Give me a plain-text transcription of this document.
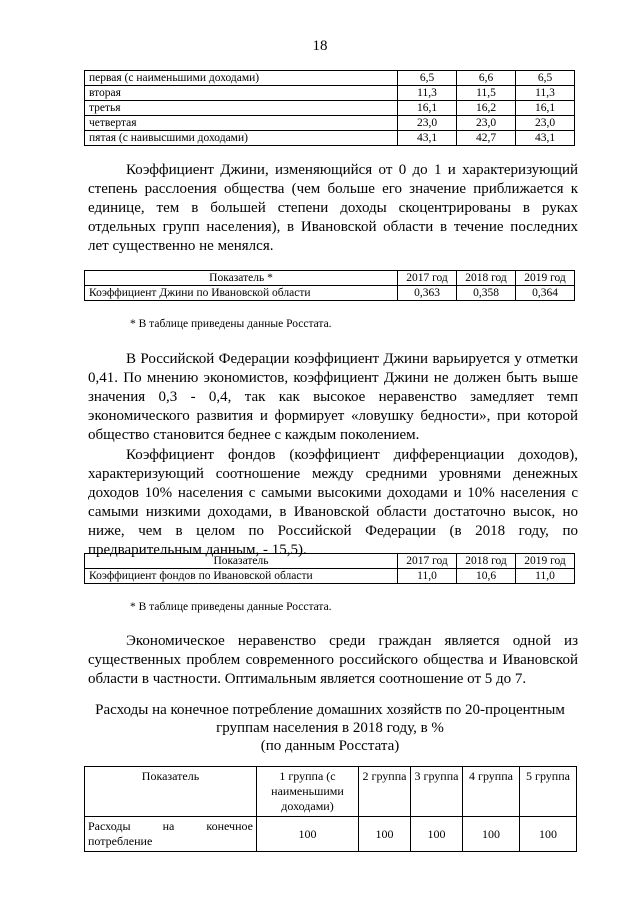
18
первая (с наименьшими доходами)	6,5	6,6	6,5
вторая	11,3	11,5	11,3
третья	16,1	16,2	16,1
четвертая	23,0	23,0	23,0
пятая (с наивысшими доходами)	43,1	42,7	43,1

Коэффициент Джини, изменяющийся от 0 до 1 и характеризующий степень расслоения общества (чем больше его значение приближается к единице, тем в большей степени доходы скоцентрированы в руках отдельных групп населения), в Ивановской области в течение последних лет существенно не менялся.

Показатель *	2017 год	2018 год	2019 год
Коэффициент Джини по Ивановской области	0,363	0,358	0,364
* В таблице приведены данные Росстата.

В Российской Федерации коэффициент Джини варьируется у отметки 0,41. По мнению экономистов, коэффициент Джини не должен быть выше значения 0,3 - 0,4, так как высокое неравенство замедляет темп экономического развития и формирует «ловушку бедности», при которой общество становится беднее с каждым поколением.

Коэффициент фондов (коэффициент дифференциации доходов), характеризующий соотношение между средними уровнями денежных доходов 10% населения с самыми высокими доходами и 10% населения с самыми низкими доходами, в Ивановской области достаточно высок, но ниже, чем в целом по Российской Федерации (в 2018 году, по предварительным данным, - 15,5).

Показатель	2017 год	2018 год	2019 год
Коэффициент фондов по Ивановской области	11,0	10,6	11,0
* В таблице приведены данные Росстата.

Экономическое неравенство среди граждан является одной из существенных проблем современного российского общества и Ивановской области в частности. Оптимальным является соотношение от 5 до 7.

Расходы на конечное потребление домашних хозяйств по 20-процентным
группам населения в 2018 году, в %
(по данным Росстата)
Показатель	1 группа (с наименьшими доходами)	2 группа	3 группа	4 группа	5 группа
Расходы на конечное потребление	100	100	100	100	100
